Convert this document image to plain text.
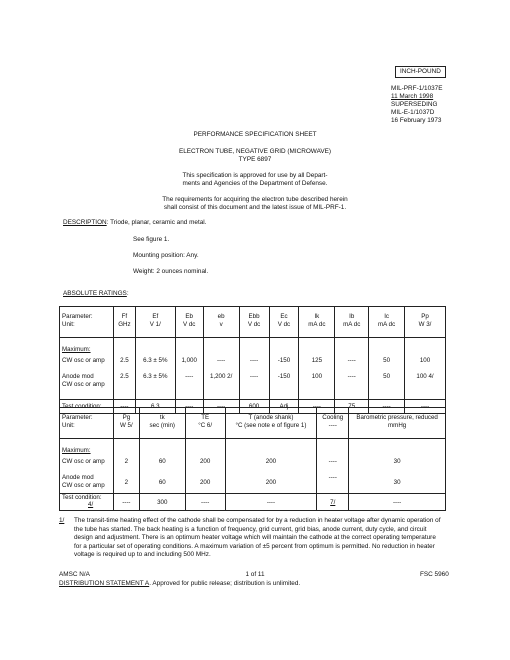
INCH-POUND
MIL-PRF-1/1037E
11 March 1998
SUPERSEDING
MIL-E-1/1037D
16 February 1973
PERFORMANCE SPECIFICATION SHEET
ELECTRON TUBE, NEGATIVE GRID (MICROWAVE)
TYPE 6897
This specification is approved for use by all Depart-
ments and Agencies of the Department of Defense.
The requirements for acquiring the electron tube described herein
shall consist of this document and the latest issue of MIL-PRF-1.
DESCRIPTION: Triode, planar, ceramic and metal.
See figure 1.
Mounting position: Any.
Weight: 2 ounces nominal.
ABSOLUTE RATINGS:
Parameter:	Ff	Ef	Eb	eb	Ebb	Ec	Ik	Ib	Ic	Pp
Unit:	GHz	V 1/	V dc	v	V dc	V dc	mA dc	mA dc	mA dc	W 3/
Maximum:										
CW osc or amp	2.5	6.3 ± 5%	1,000	----	----	-150	125	----	50	100

Anode mod
CW osc or amp	2.5	6.3 ± 5%	----	1,200 2/	----	-150	100	----	50	100 4/
Test condition:	----	6.3	----	----	600	Adj	----	75	----	----
Parameter:	Pg	tk	TE	T (anode shank)	Cooling	Barometric pressure, reduced
Unit:	W 5/	sec (min)	°C 6/	°C (see note e of figure 1)	----	mmHg
Maximum:						
CW osc or amp	2	60	200	200	----	30

Anode mod
CW osc or amp	2	60	200	200	----	30

Test condition:
4/	----	300	----	----	7/	----
1/ The transit-time heating effect of the cathode shall be compensated for by a reduction in heater voltage after dynamic operation of
the tube has started. The back heating is a function of frequency, grid current, grid bias, anode current, duty cycle, and circuit
design and adjustment. There is an optimum heater voltage which will maintain the cathode at the correct operating temperature
for a particular set of operating conditions. A maximum variation of ±5 percent from optimum is permitted. No reduction in heater
voltage is required up to and including 500 MHz.
AMSC N/A	1 of 11	FSC 5960
DISTRIBUTION STATEMENT A. Approved for public release; distribution is unlimited.
